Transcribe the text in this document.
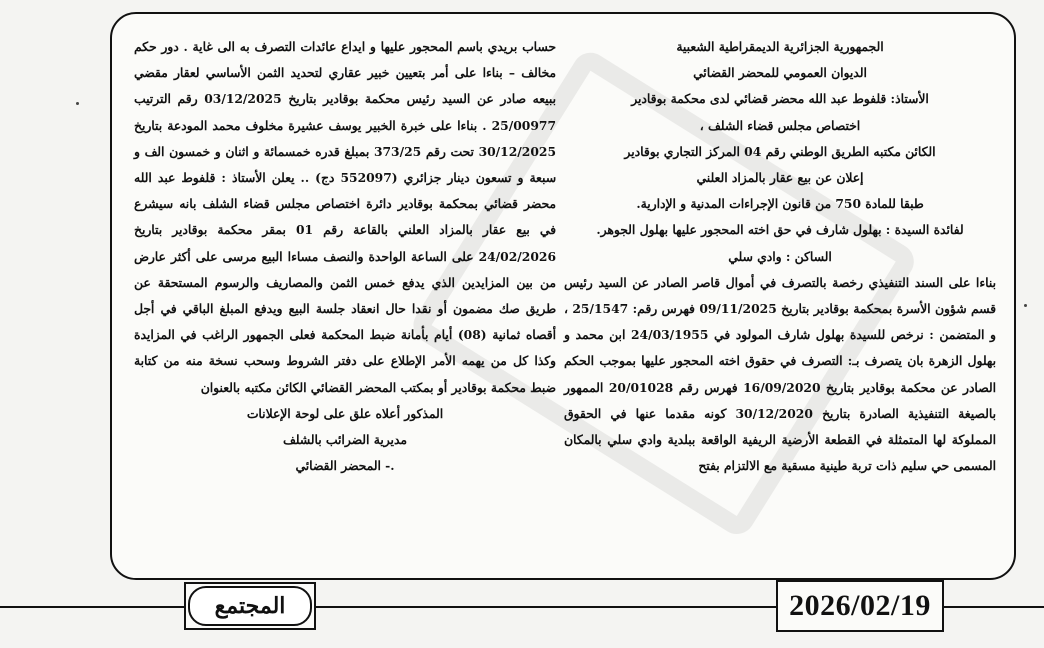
الجمهورية الجزائرية الديمقراطية الشعبية

الديوان العمومي للمحضر القضائي

الأستاذ: قلفوط عبد الله محضر قضائي لدى محكمة بوقادير

اختصاص مجلس قضاء الشلف ،

الكائن مكتبه الطريق الوطني رقم 04 المركز التجاري بوقادير

إعلان عن بيع عقار بالمزاد العلني

طبقا للمادة 750 من قانون الإجراءات المدنية و الإدارية.

لفائدة السيدة : بهلول شارف في حق اخته المحجور عليها بهلول الجوهر.

الساكن : وادي سلي

بناءا على السند التنفيذي رخصة بالتصرف في أموال قاصر الصادر عن السيد رئيس قسم شؤون الأسرة بمحكمة بوقادير بتاريخ 09/11/2025 فهرس رقم: 25/1547 ، و المتضمن : نرخص للسيدة بهلول شارف المولود في 24/03/1955 ابن محمد و بهلول الزهرة بان يتصرف بـ: التصرف في حقوق اخته المحجور عليها بموجب الحكم الصادر عن محكمة بوقادير بتاريخ 16/09/2020 فهرس رقم 20/01028 الممهور بالصيغة التنفيذية الصادرة بتاريخ 30/12/2020 كونه مقدما عنها في الحقوق المملوكة لها المتمثلة في القطعة الأرضية الريفية الواقعة ببلدية وادي سلي بالمكان المسمى حي سليم ذات تربة طينية مسقية مع الالتزام بفتح

حساب بريدي باسم المحجور عليها و ايداع عائدات التصرف به الى غاية . دور حكم مخالف – بناءا على أمر بتعيين خبير عقاري لتحديد الثمن الأساسي لعقار مقضي ببيعه صادر عن السيد رئيس محكمة بوقادير بتاريخ 03/12/2025 رقم الترتيب 25/00977 . بناءا على خبرة الخبير يوسف عشيرة مخلوف محمد المودعة بتاريخ 30/12/2025 تحت رقم 373/25 بمبلغ قدره خمسمائة و اثنان و خمسون الف و سبعة و تسعون دينار جزائري (552097 دج) .. يعلن الأستاذ : قلفوط عبد الله محضر قضائي بمحكمة بوقادير دائرة اختصاص مجلس قضاء الشلف بانه سيشرع في بيع عقار بالمزاد العلني بالقاعة رقم 01 بمقر محكمة بوقادير بتاريخ 24/02/2026 على الساعة الواحدة والنصف مساءا البيع مرسى على أكثر عارض من بين المزايدين الذي يدفع خمس الثمن والمصاريف والرسوم المستحقة عن طريق صك مضمون أو نقدا حال انعقاد جلسة البيع ويدفع المبلغ الباقي في أجل أقصاه ثمانية (08) أيام بأمانة ضبط المحكمة فعلى الجمهور الراغب في المزايدة وكذا كل من يهمه الأمر الإطلاع على دفتر الشروط وسحب نسخة منه من كتابة ضبط محكمة بوقادير أو بمكتب المحضر القضائي الكائن مكتبه بالعنوان

المذكور أعلاه علق على لوحة الإعلانات

مديرية الضرائب بالشلف

.- المحضر القضائي

المجتمع	2026/02/19
